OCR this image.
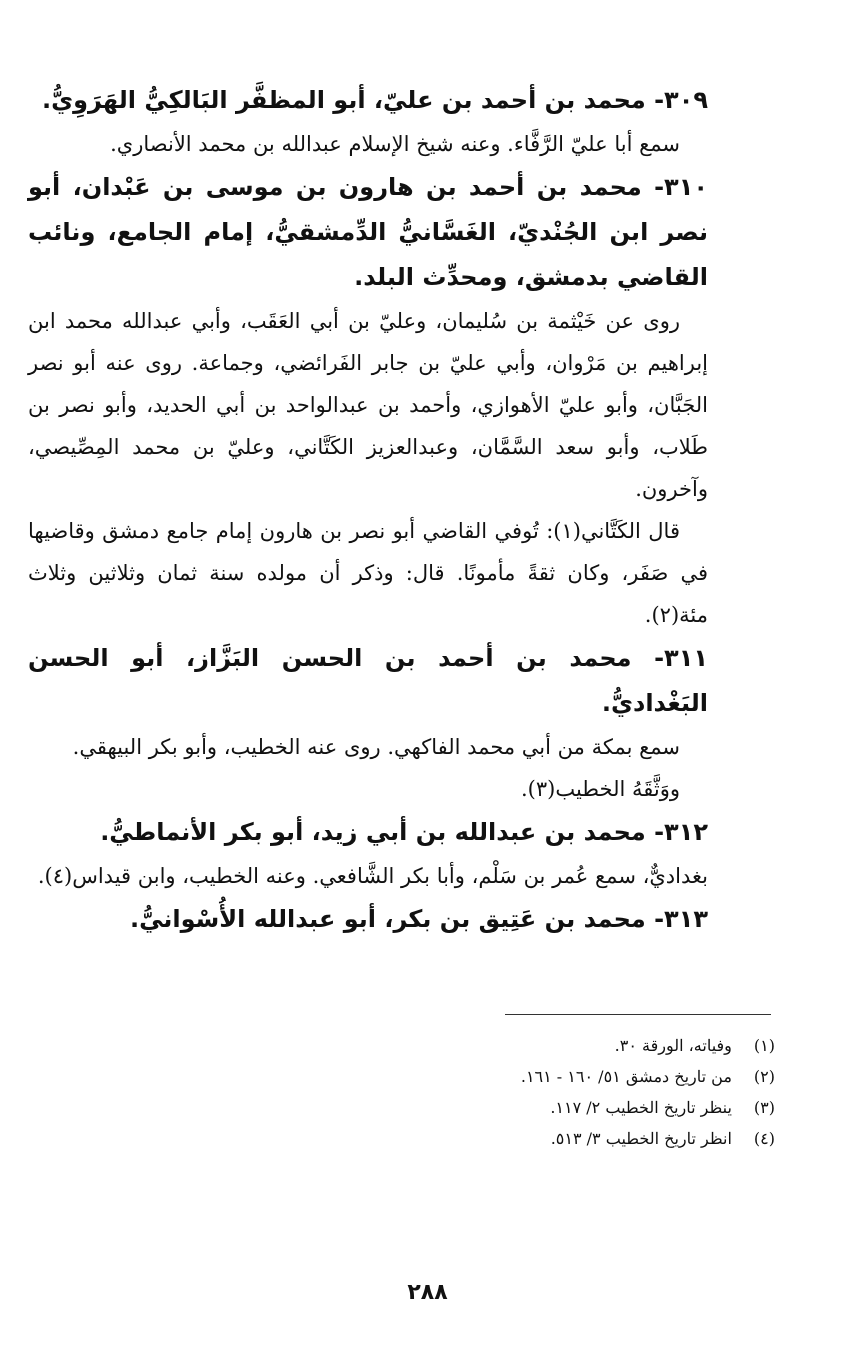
٣٠٩- محمد بن أحمد بن عليّ، أبو المظفَّر البَالكِيُّ الهَرَوِيُّ.

سمع أبا عليّ الرَّفَّاء. وعنه شيخ الإسلام عبدالله بن محمد الأنصاري.

٣١٠- محمد بن أحمد بن هارون بن موسى بن عَبْدان، أبو نصر ابن الجُنْديّ، الغَسَّانيُّ الدِّمشقيُّ، إمام الجامع، ونائب القاضي بدمشق، ومحدِّث البلد.

روى عن خَيْثمة بن سُليمان، وعليّ بن أبي العَقَب، وأبي عبدالله محمد ابن إبراهيم بن مَرْوان، وأبي عليّ بن جابر الفَرائضي، وجماعة. روى عنه أبو نصر الجَبَّان، وأبو عليّ الأهوازي، وأحمد بن عبدالواحد بن أبي الحديد، وأبو نصر بن طَلاب، وأبو سعد السَّمَّان، وعبدالعزيز الكَتَّاني، وعليّ بن محمد المِصِّيصي، وآخرون.

قال الكَتَّاني(١): تُوفي القاضي أبو نصر بن هارون إمام جامع دمشق وقاضيها في صَفَر، وكان ثقةً مأمونًا. قال: وذكر أن مولده سنة ثمان وثلاثين وثلاث مئة(٢).

٣١١- محمد بن أحمد بن الحسن البَزَّاز، أبو الحسن البَغْداديُّ.

سمع بمكة من أبي محمد الفاكهي. روى عنه الخطيب، وأبو بكر البيهقي.

ووَثَّقَهُ الخطيب(٣).

٣١٢- محمد بن عبدالله بن أبي زيد، أبو بكر الأنماطيُّ.

بغداديٌّ، سمع عُمر بن سَلْم، وأبا بكر الشَّافعي. وعنه الخطيب، وابن قيداس(٤).

٣١٣- محمد بن عَتِيق بن بكر، أبو عبدالله الأُسْوانيُّ.

(١) وفياته، الورقة ٣٠.

(٢) من تاريخ دمشق ٥١/ ١٦٠ - ١٦١.

(٣) ينظر تاريخ الخطيب ٢/ ١١٧.

(٤) انظر تاريخ الخطيب ٣/ ٥١٣.

٢٨٨
